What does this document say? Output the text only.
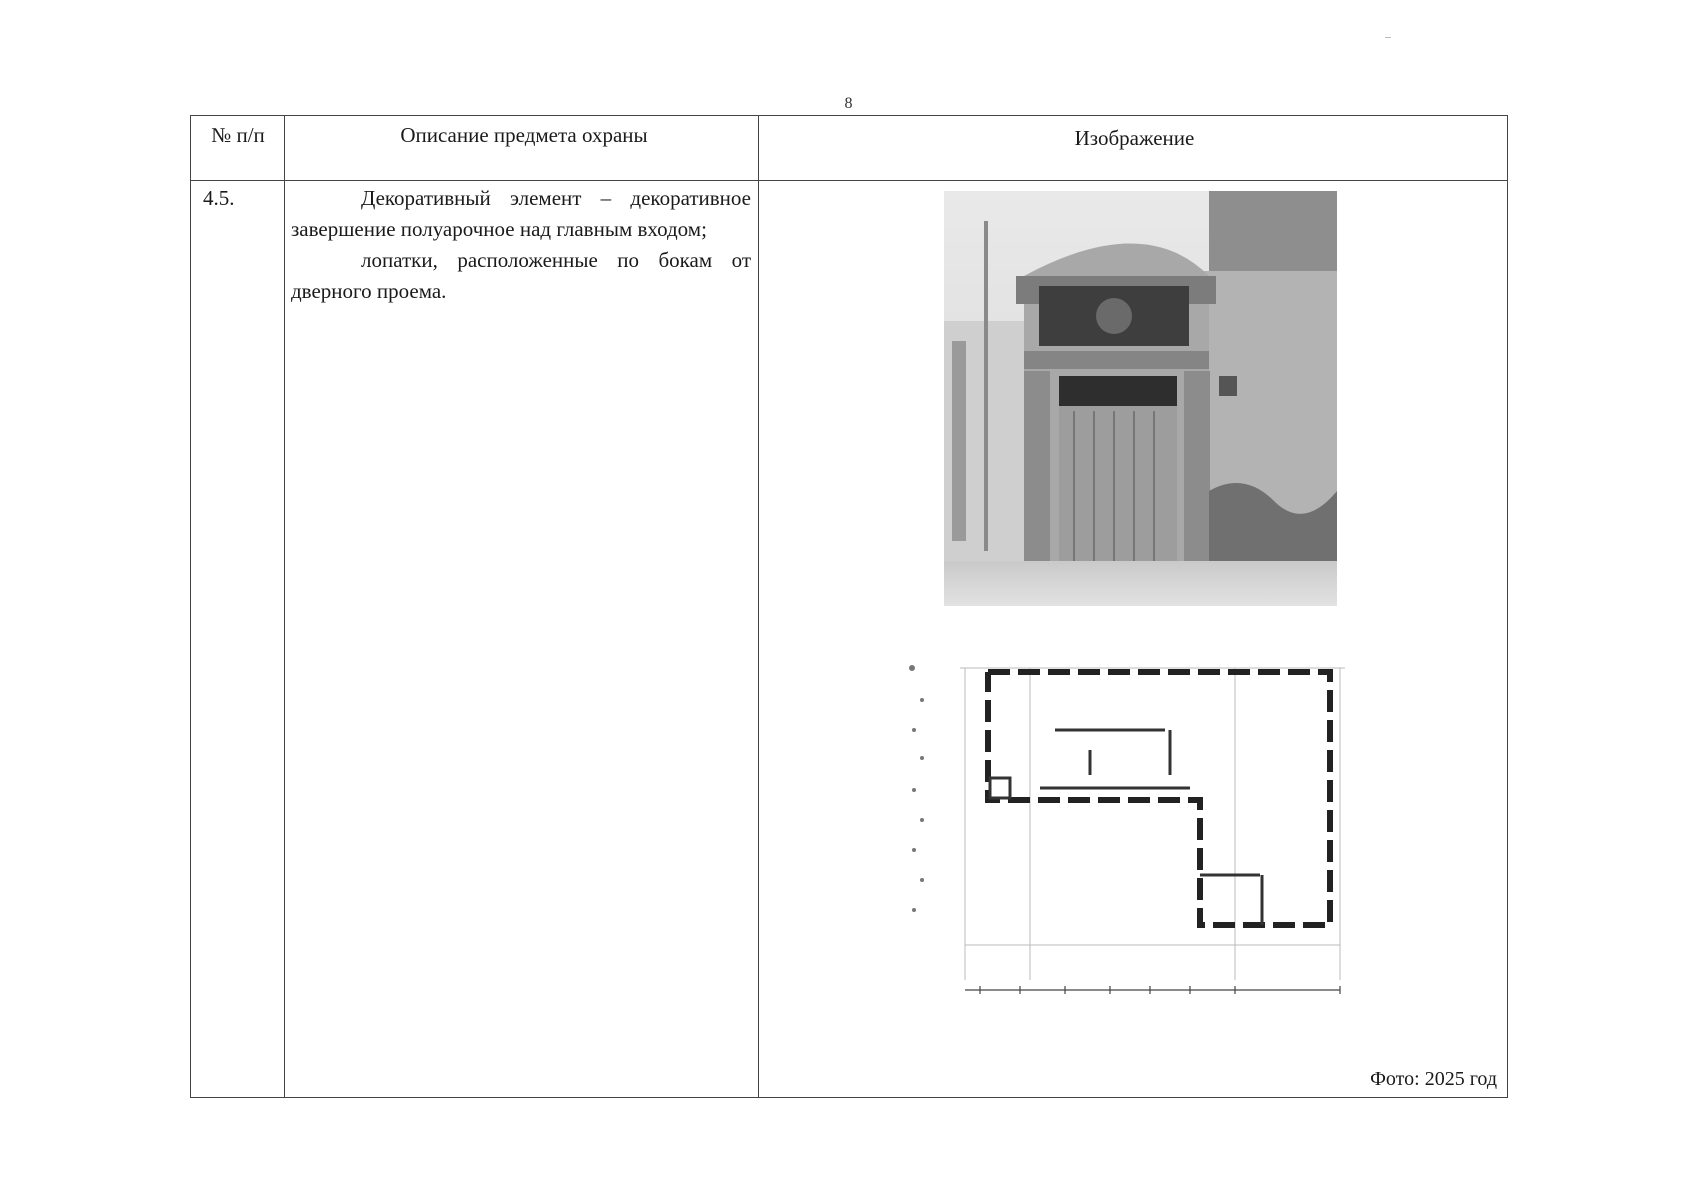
8
№ п/п	Описание предмета охраны	Изображение
4.5.	Декоративный элемент – декоративное завершение полуарочное над главным входом;

лопатки, расположенные по бокам от дверного проема.

Фото: 2025 год
